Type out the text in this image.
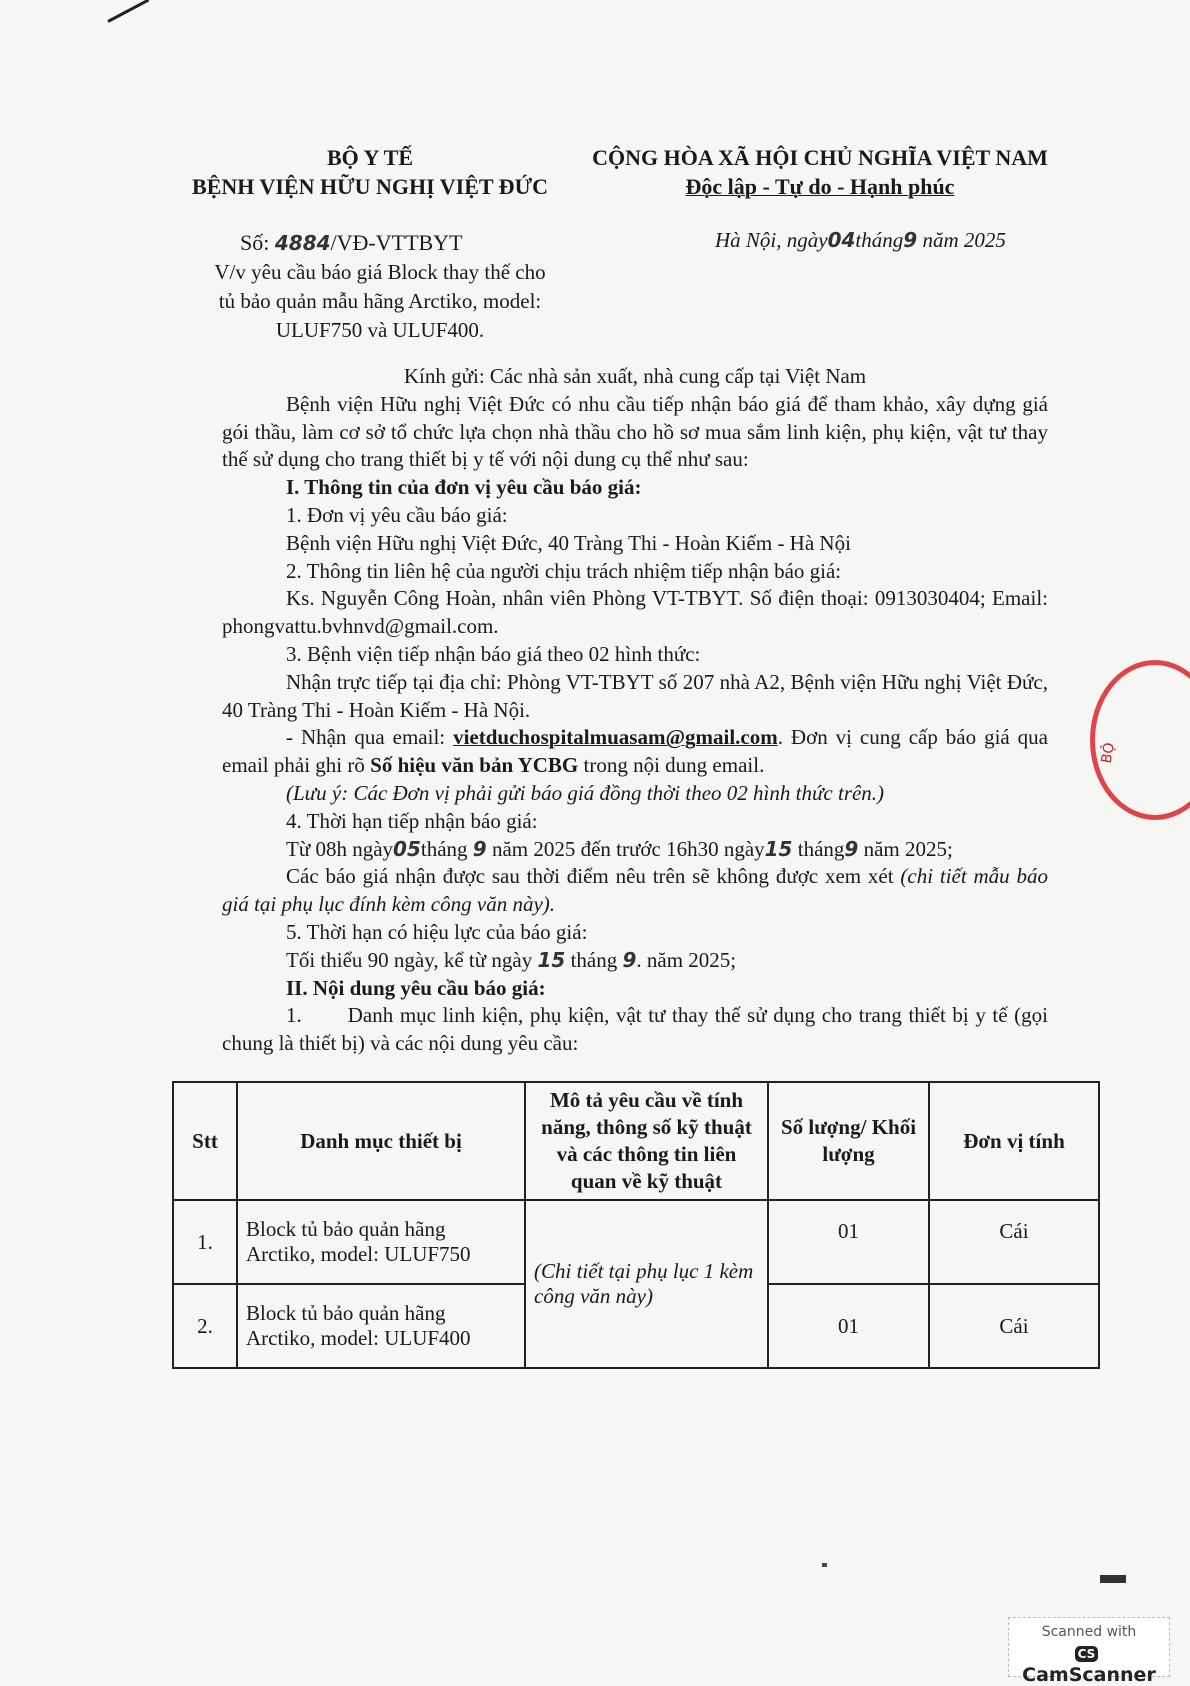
BỘ Y TẾ
BỆNH VIỆN HỮU NGHỊ VIỆT ĐỨC
CỘNG HÒA XÃ HỘI CHỦ NGHĨA VIỆT NAM
Độc lập - Tự do - Hạnh phúc
Số: 4884/VĐ-VTTBYT	Hà Nội, ngày04tháng9 năm 2025
V/v yêu cầu báo giá Block thay thế cho
tủ bảo quản mẫu hãng Arctiko, model:
ULUF750 và ULUF400.

Kính gửi: Các nhà sản xuất, nhà cung cấp tại Việt Nam

Bệnh viện Hữu nghị Việt Đức có nhu cầu tiếp nhận báo giá để tham khảo, xây dựng giá gói thầu, làm cơ sở tổ chức lựa chọn nhà thầu cho hồ sơ mua sắm linh kiện, phụ kiện, vật tư thay thế sử dụng cho trang thiết bị y tế với nội dung cụ thể như sau:

I. Thông tin của đơn vị yêu cầu báo giá:

1. Đơn vị yêu cầu báo giá:

Bệnh viện Hữu nghị Việt Đức, 40 Tràng Thi - Hoàn Kiếm - Hà Nội

2. Thông tin liên hệ của người chịu trách nhiệm tiếp nhận báo giá:

Ks. Nguyễn Công Hoàn, nhân viên Phòng VT-TBYT. Số điện thoại: 0913030404; Email: phongvattu.bvhnvd@gmail.com.

3. Bệnh viện tiếp nhận báo giá theo 02 hình thức:

Nhận trực tiếp tại địa chỉ: Phòng VT-TBYT số 207 nhà A2, Bệnh viện Hữu nghị Việt Đức, 40 Tràng Thi - Hoàn Kiếm - Hà Nội.

- Nhận qua email: vietduchospitalmuasam@gmail.com. Đơn vị cung cấp báo giá qua email phải ghi rõ Số hiệu văn bản YCBG trong nội dung email.

(Lưu ý: Các Đơn vị phải gửi báo giá đồng thời theo 02 hình thức trên.)

4. Thời hạn tiếp nhận báo giá:

Từ 08h ngày05tháng 9 năm 2025 đến trước 16h30 ngày15 tháng9 năm 2025;

Các báo giá nhận được sau thời điểm nêu trên sẽ không được xem xét (chi tiết mẫu báo giá tại phụ lục đính kèm công văn này).

5. Thời hạn có hiệu lực của báo giá:

Tối thiểu 90 ngày, kể từ ngày 15 tháng 9. năm 2025;

II. Nội dung yêu cầu báo giá:

1. Danh mục linh kiện, phụ kiện, vật tư thay thế sử dụng cho trang thiết bị y tế (gọi chung là thiết bị) và các nội dung yêu cầu:

Stt	Danh mục thiết bị	Mô tả yêu cầu về tính năng, thông số kỹ thuật và các thông tin liên quan về kỹ thuật	Số lượng/ Khối lượng	Đơn vị tính
1.	Block tủ bảo quản hãng Arctiko, model: ULUF750	(Chi tiết tại phụ lục 1 kèm công văn này)	01	Cái
2.	Block tủ bảo quản hãng Arctiko, model: ULUF400		01	Cái
BỘ
Scanned with
CSCamScanner
